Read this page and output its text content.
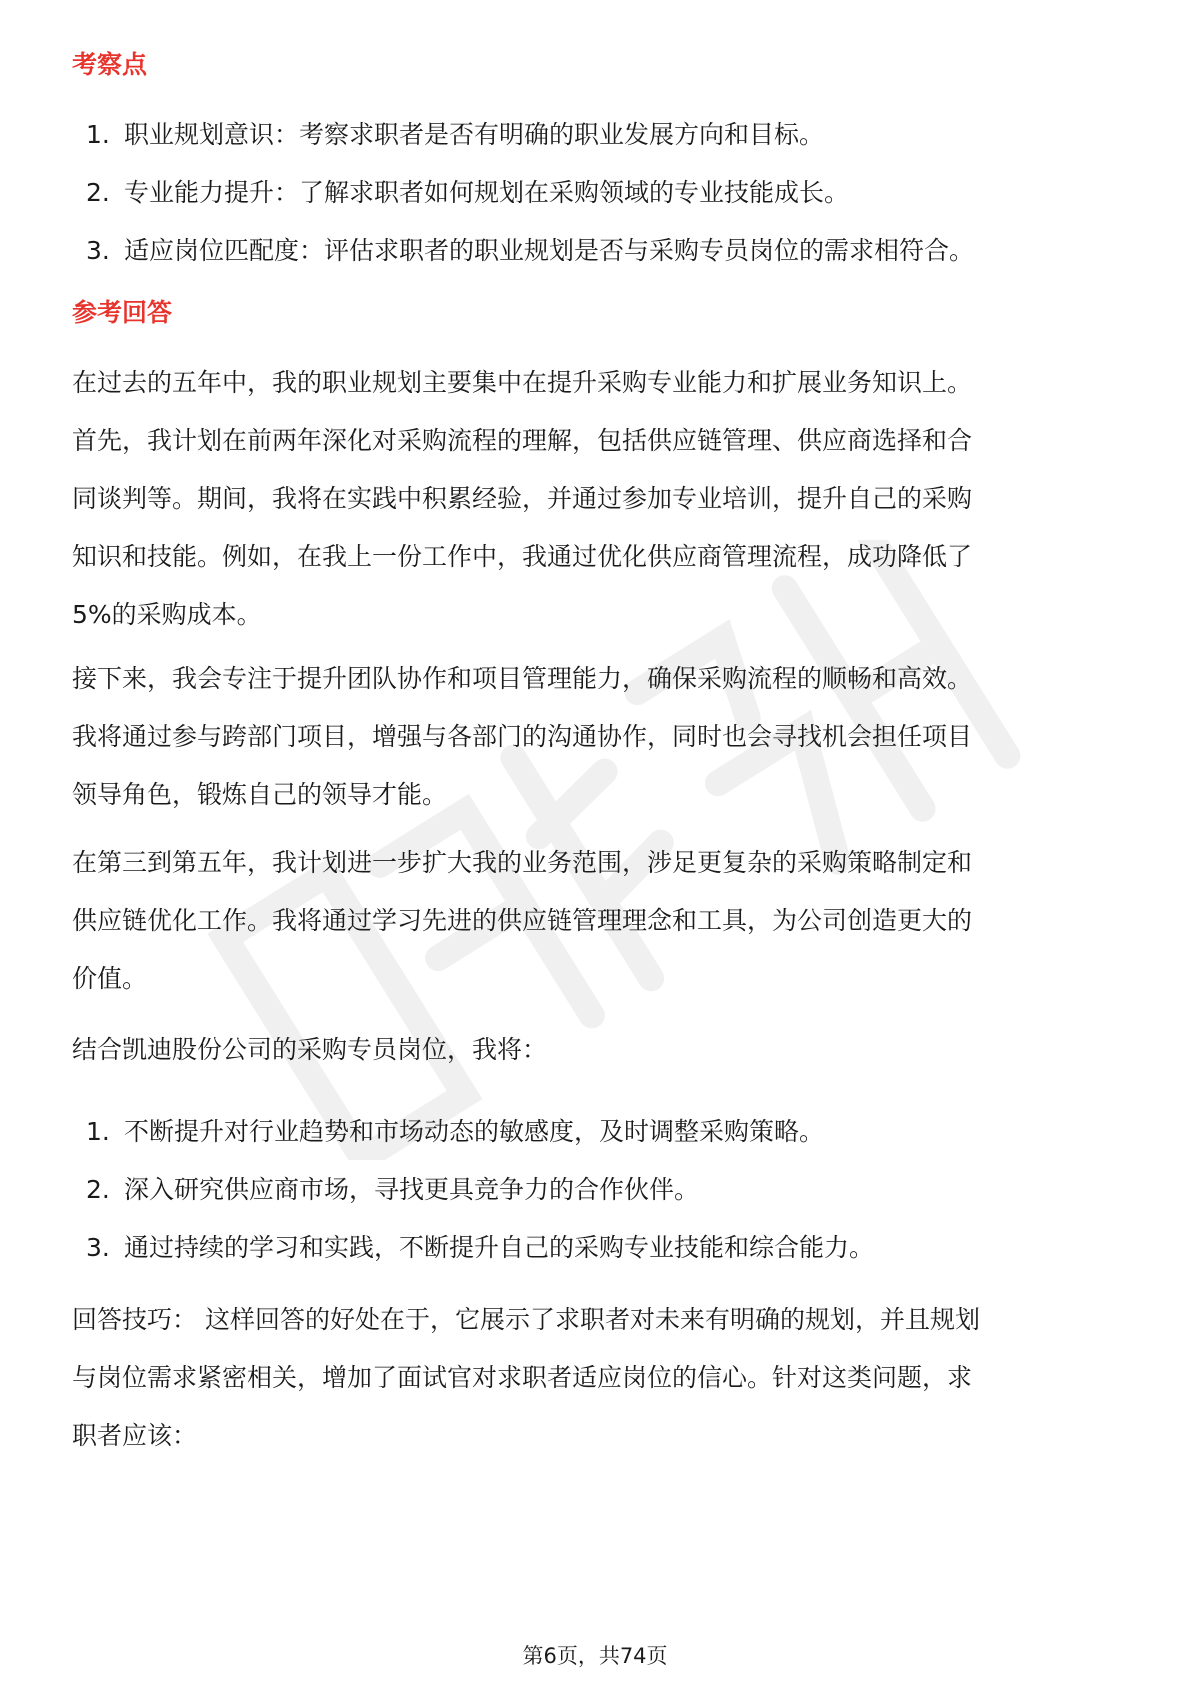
考察点
1. 职业规划意识：考察求职者是否有明确的职业发展方向和目标。
2. 专业能力提升：了解求职者如何规划在采购领域的专业技能成长。
3. 适应岗位匹配度：评估求职者的职业规划是否与采购专员岗位的需求相符合。
参考回答

在过去的五年中，我的职业规划主要集中在提升采购专业能力和扩展业务知识上。
首先，我计划在前两年深化对采购流程的理解，包括供应链管理、供应商选择和合
同谈判等。期间，我将在实践中积累经验，并通过参加专业培训，提升自己的采购
知识和技能。例如，在我上一份工作中，我通过优化供应商管理流程，成功降低了
5%的采购成本。

接下来，我会专注于提升团队协作和项目管理能力，确保采购流程的顺畅和高效。
我将通过参与跨部门项目，增强与各部门的沟通协作，同时也会寻找机会担任项目
领导角色，锻炼自己的领导才能。

在第三到第五年，我计划进一步扩大我的业务范围，涉足更复杂的采购策略制定和
供应链优化工作。我将通过学习先进的供应链管理理念和工具，为公司创造更大的
价值。

结合凯迪股份公司的采购专员岗位，我将：

1. 不断提升对行业趋势和市场动态的敏感度，及时调整采购策略。
2. 深入研究供应商市场，寻找更具竞争力的合作伙伴。
3. 通过持续的学习和实践，不断提升自己的采购专业技能和综合能力。

回答技巧： 这样回答的好处在于，它展示了求职者对未来有明确的规划，并且规划
与岗位需求紧密相关，增加了面试官对求职者适应岗位的信心。针对这类问题，求
职者应该：

第6页，共74页
